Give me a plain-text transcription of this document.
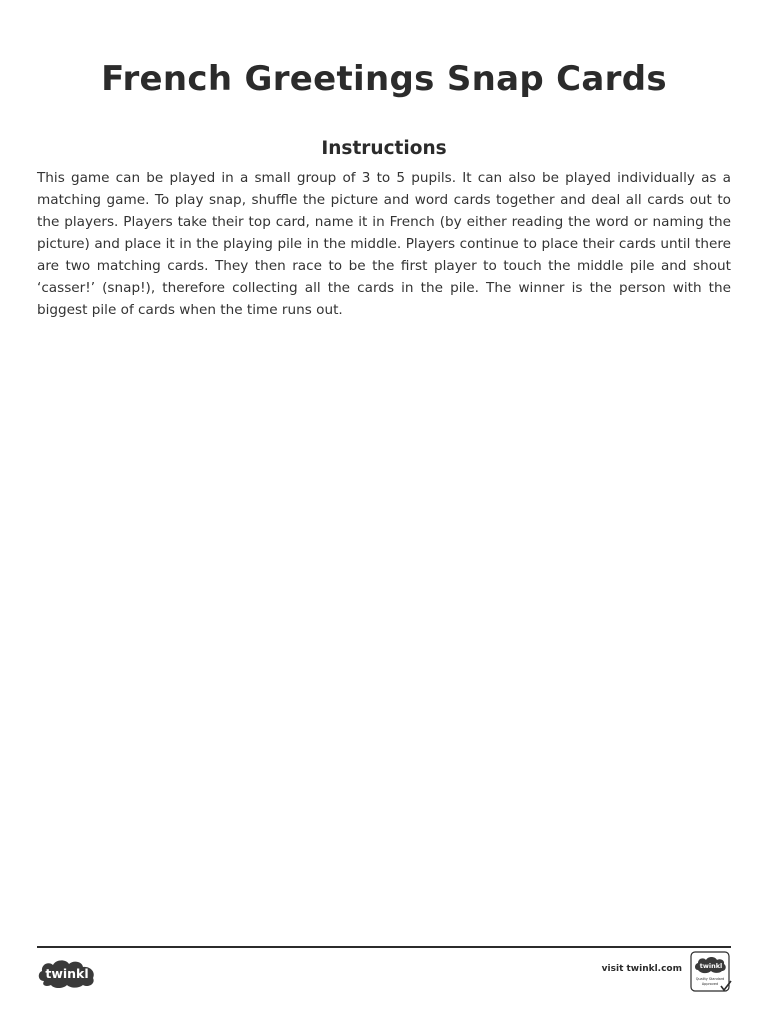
French Greetings Snap Cards
Instructions

This game can be played in a small group of 3 to 5 pupils. It can also be played individually as a matching game. To play snap, shuffle the picture and word cards together and deal all cards out to the players. Players take their top card, name it in French (by either reading the word or naming the picture) and place it in the playing pile in the middle. Players continue to place their cards until there are two matching cards. They then race to be the first player to touch the middle pile and shout ‘casser!’ (snap!), therefore collecting all the cards in the pile. The winner is the person with the biggest pile of cards when the time runs out.

twinkl	visit twinkl.com	twinkl
Quality Standard
Approved
